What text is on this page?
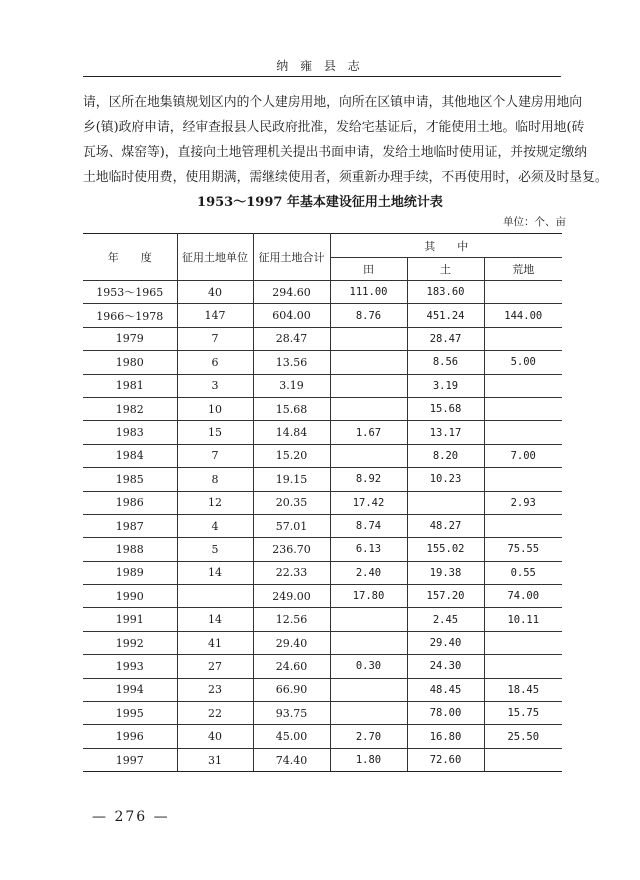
纳 雍 县 志

请，区所在地集镇规划区内的个人建房用地，向所在区镇申请，其他地区个人建房用地向

乡(镇)政府申请，经审查报县人民政府批准，发给宅基证后，才能使用土地。临时用地(砖

瓦场、煤窑等)，直接向土地管理机关提出书面申请，发给土地临时使用证，并按规定缴纳

土地临时使用费，使用期满，需继续使用者，须重新办理手续，不再使用时，必须及时垦复。

1953～1997 年基本建设征用土地统计表
单位：个、亩
年　　度	征用土地单位	征用土地合计	其　　中		
			田	土	荒地
1953～1965	40	294.60	111.00	183.60	
1966～1978	147	604.00	8.76	451.24	144.00
1979	7	28.47		28.47	
1980	6	13.56		8.56	5.00
1981	3	3.19		3.19	
1982	10	15.68		15.68	
1983	15	14.84	1.67	13.17	
1984	7	15.20		8.20	7.00
1985	8	19.15	8.92	10.23	
1986	12	20.35	17.42		2.93
1987	4	57.01	8.74	48.27	
1988	5	236.70	6.13	155.02	75.55
1989	14	22.33	2.40	19.38	0.55
1990		249.00	17.80	157.20	74.00
1991	14	12.56		2.45	10.11
1992	41	29.40		29.40	
1993	27	24.60	0.30	24.30	
1994	23	66.90		48.45	18.45
1995	22	93.75		78.00	15.75
1996	40	45.00	2.70	16.80	25.50
1997	31	74.40	1.80	72.60	
— 276 —
